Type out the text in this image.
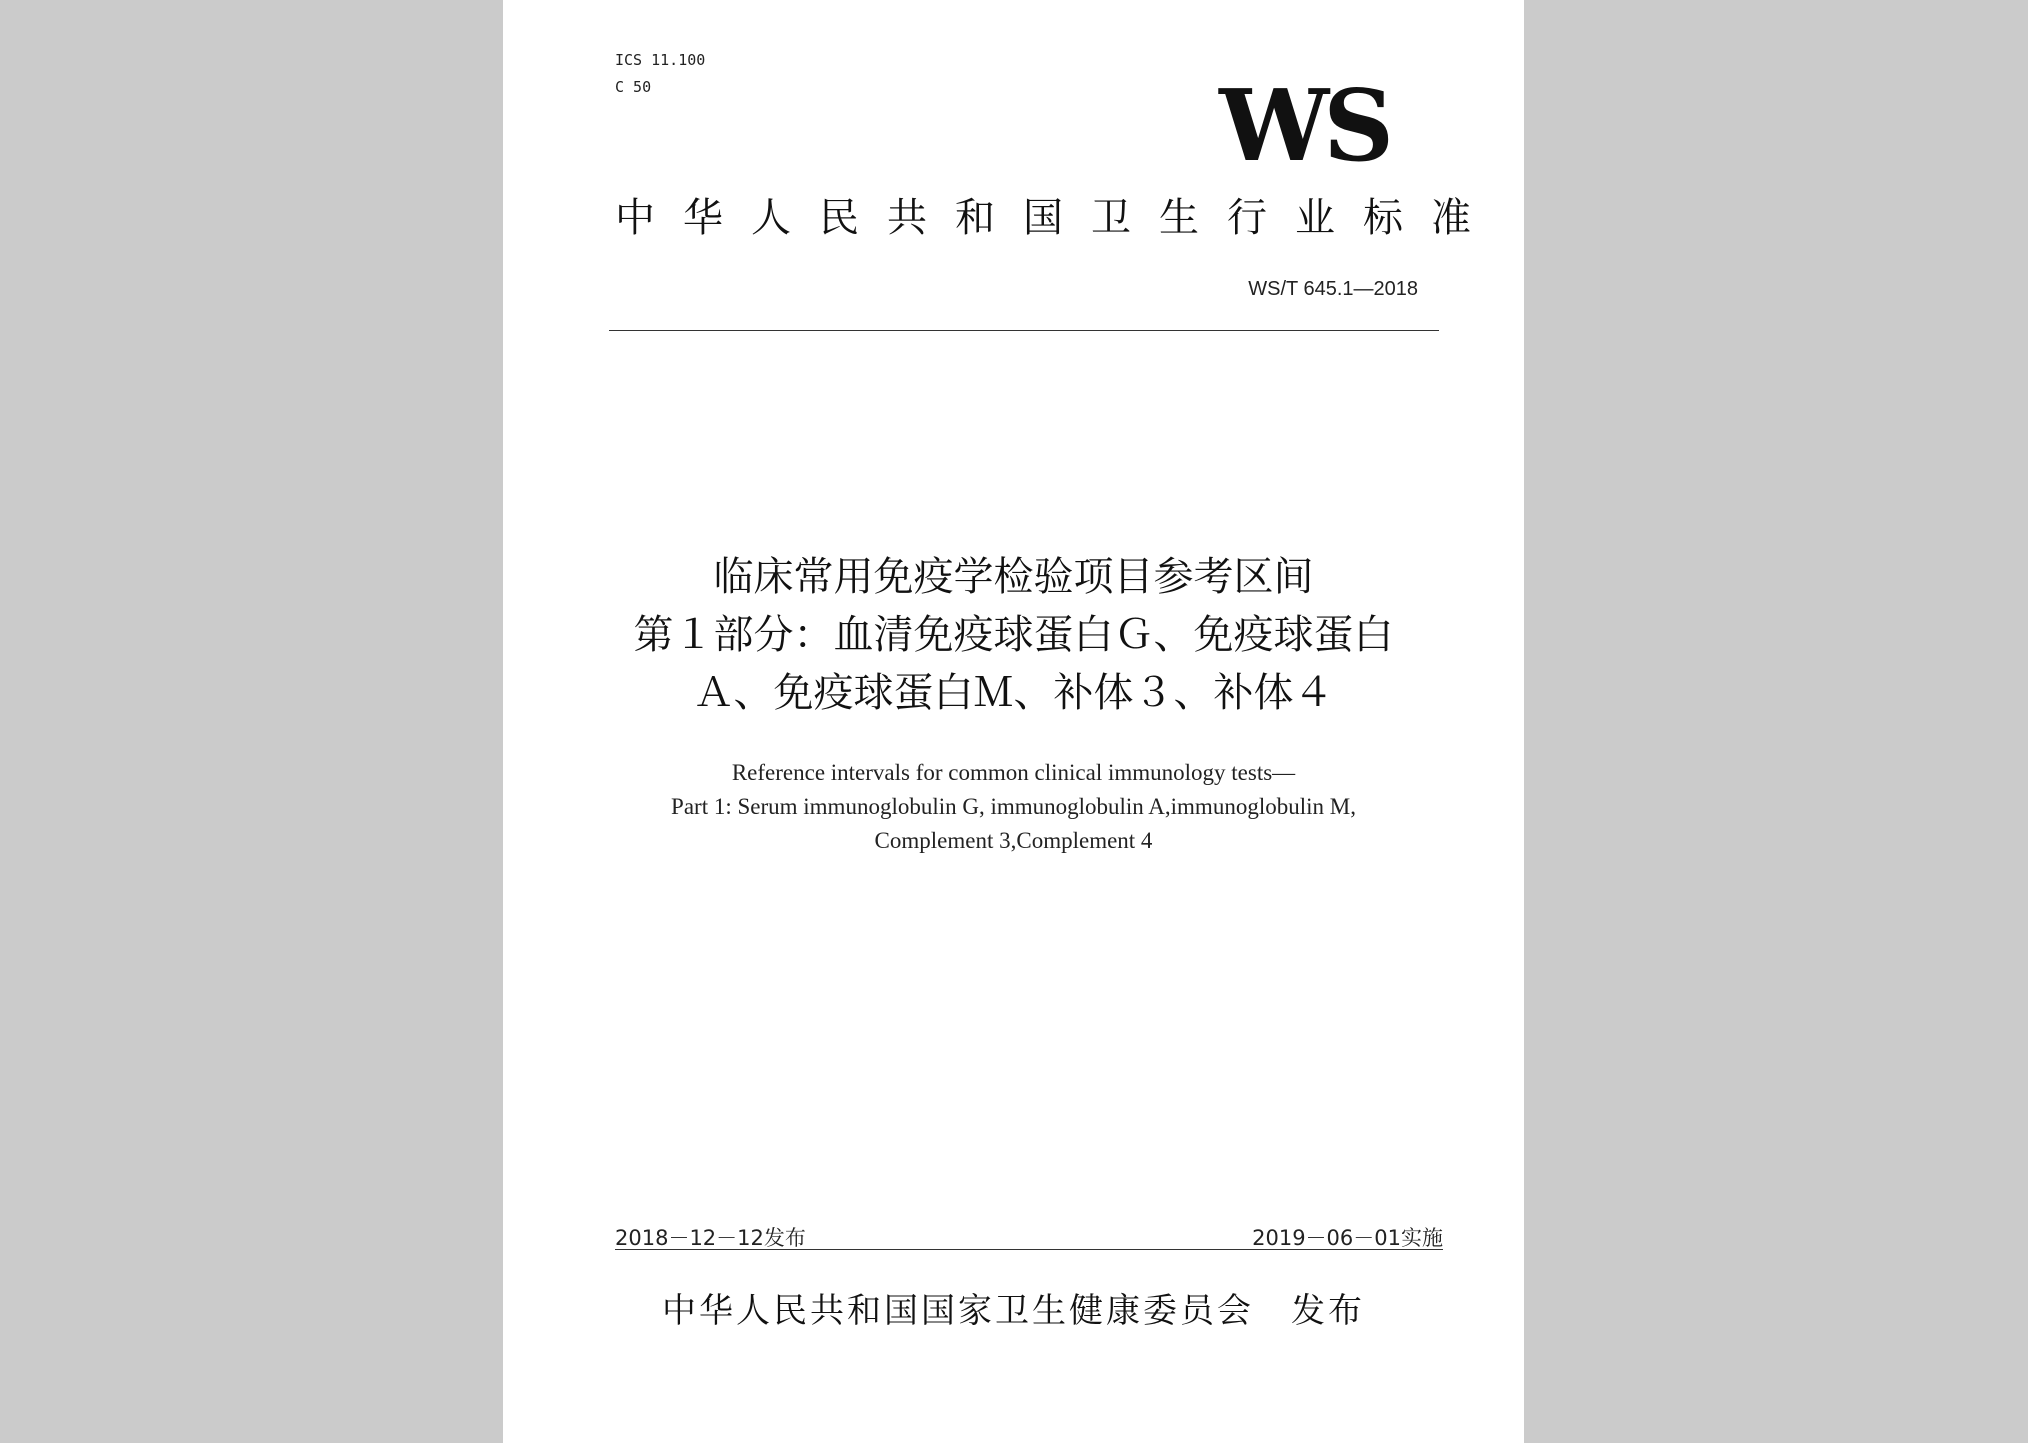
ICS 11.100
C 50	WS
中华人民共和国卫生行业标准
WS/T 645.1—2018
临床常用免疫学检验项目参考区间
第１部分：血清免疫球蛋白Ｇ、免疫球蛋白
Ａ、免疫球蛋白Ｍ、补体３、补体４
Reference intervals for common clinical immunology tests—
Part 1: Serum immunoglobulin G, immunoglobulin A,immunoglobulin M,
Complement 3,Complement 4
2018－12－12发布	2019－06－01实施
中华人民共和国国家卫生健康委员会　发布
